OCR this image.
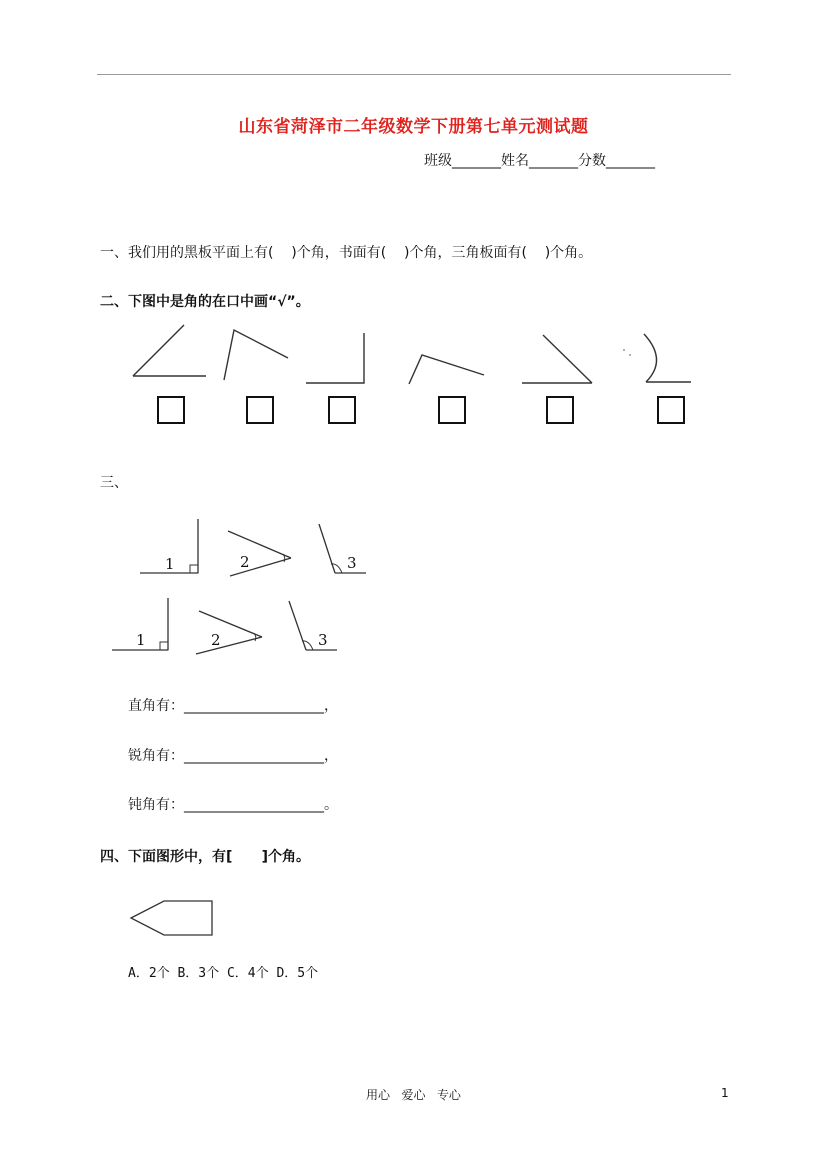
山东省菏泽市二年级数学下册第七单元测试题
班级_______姓名_______分数_______
一、我们用的黑板平面上有(    )个角，书面有(    )个角，三角板面有(    )个角。
二、下图中是角的在口中画“√”。
三、
1	2	3
1	2	3
直角有：____________________，
锐角有：____________________，
钝角有：____________________。
四、下面图形中，有[      ]个角。
A．2个 B．3个 C．4个 D．5个
用心   爱心   专心	1
